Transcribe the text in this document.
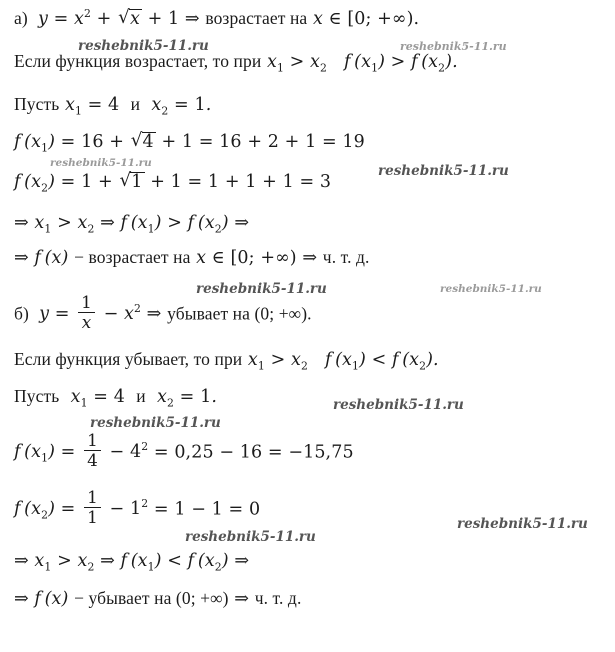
а)  $y = x^2$ + √ x + 1 ⇒ возрастает на x ∈ [0; +∞).
Если функция возрастает, то при $x_1 > x_2$   f $(x_1) > f$ $(x_2)$.
Пусть $x_1 = 4$ и  $x_2 = 1$.
f $(x_1) = 16$ + √ 4 + 1 = 16 + 2 + 1 = 19
f $(x_2) = 1$ + √ 1 + 1 = 1 + 1 + 1 = 3
⇒ $x_1 > x_2$ ⇒ f $(x_1) > f$ $(x_2)$ ⇒
⇒ f (x) − возрастает на x ∈ [0; +∞) ⇒ ч. т. д.
б)  $y = \frac{1}{x} - x^2$ ⇒ убывает на (0; +∞).
Если функция убывает, то при $x_1 > x_2$   f $(x_1) < f$ $(x_2)$.
Пусть  $x_1 = 4$ и  $x_2 = 1$.
f $(x_1) = \frac{1}{4} - 4^2 = 0,25 - 16 = -15,75$
f $(x_2) = \frac{1}{1} - 1^2 = 1 - 1 = 0$
⇒ $x_1 > x_2$ ⇒ f $(x_1) < f$ $(x_2)$ ⇒
⇒ f (x) − убывает на (0; +∞) ⇒ ч. т. д.
reshebnik5-11.ru	reshebnik5-11.ru
reshebnik5-11.ru	reshebnik5-11.ru
reshebnik5-11.ru	reshebnik5-11.ru
reshebnik5-11.ru
reshebnik5-11.ru
reshebnik5-11.ru
reshebnik5-11.ru
